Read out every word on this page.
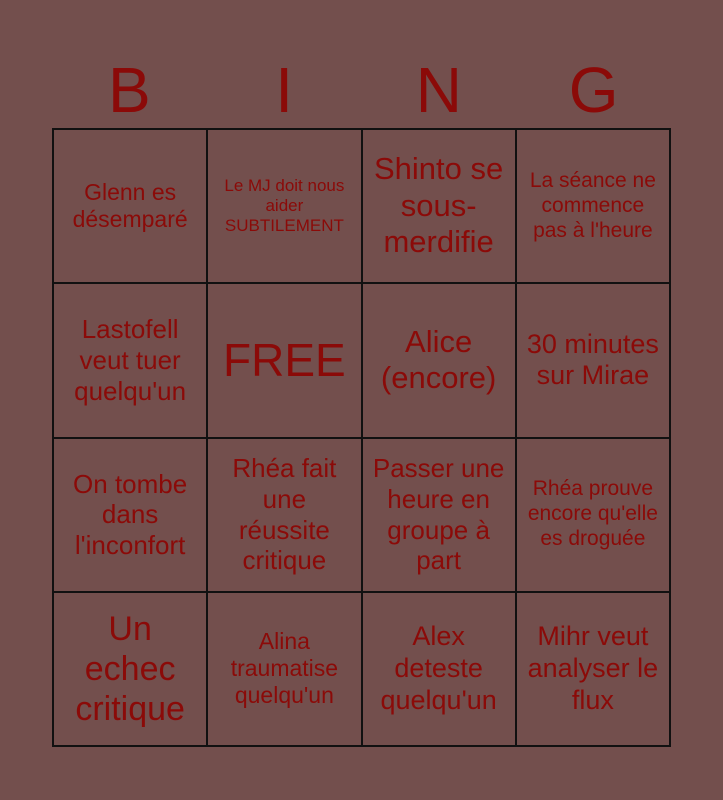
B	I	N	G
Glenn es désemparé
Le MJ doit nous aider SUBTILEMENT
Shinto se sous-merdifie
La séance ne commence pas à l'heure
Lastofell veut tuer quelqu'un
FREE	Alice (encore)
30 minutes sur Mirae
On tombe dans l'inconfort
Rhéa fait une réussite critique
Passer une heure en groupe à part
Rhéa prouve encore qu'elle es droguée
Un echec critique
Alina traumatise quelqu'un
Alex deteste quelqu'un
Mihr veut analyser le flux
